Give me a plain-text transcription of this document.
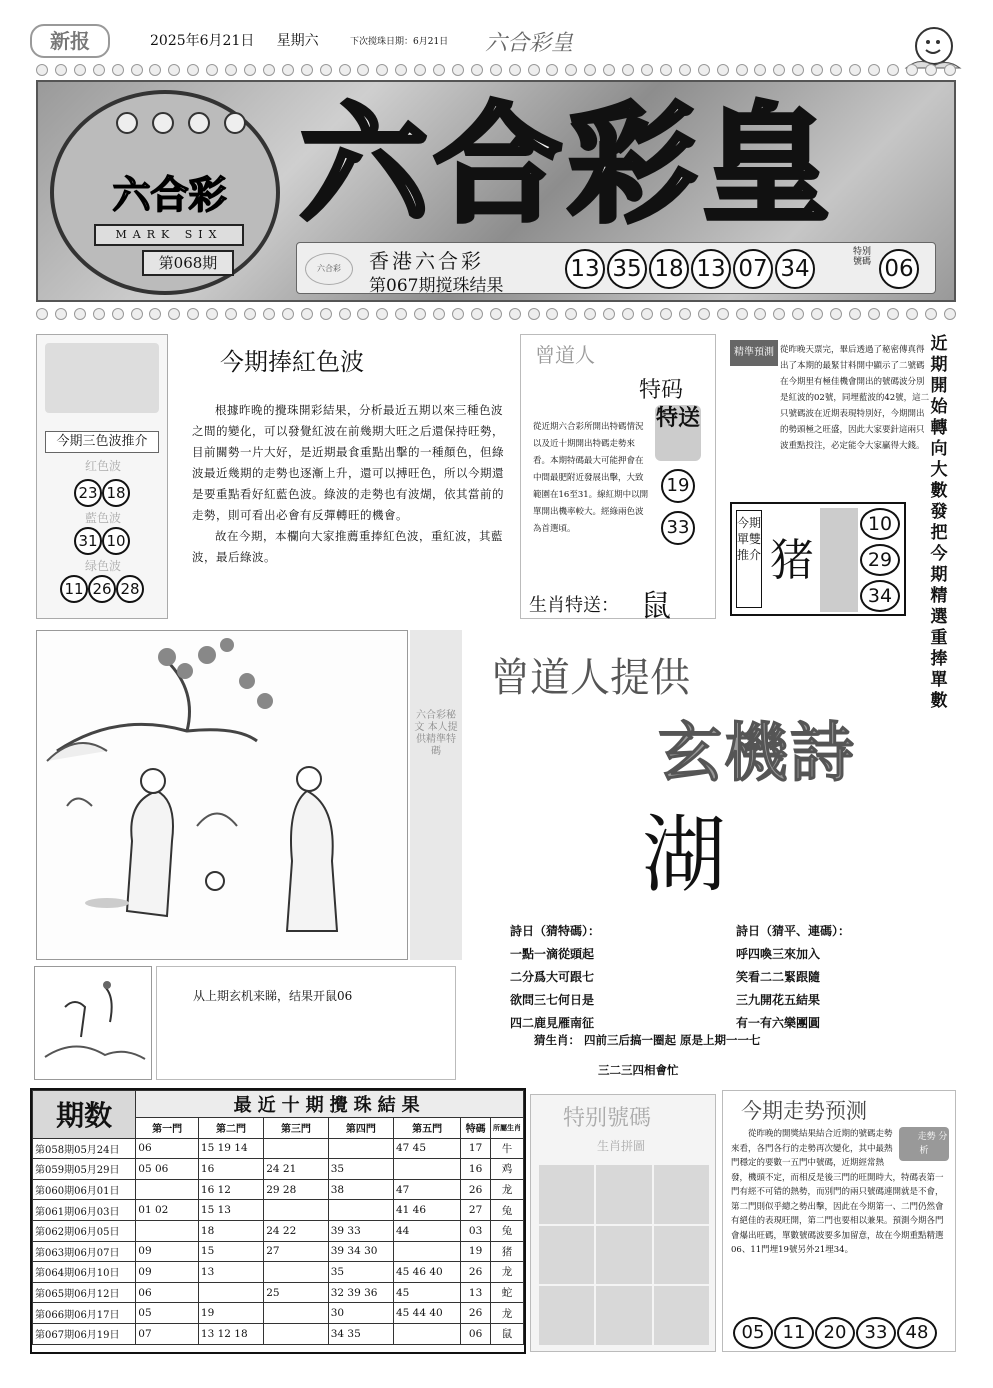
新报	2025年6月21日 星期六	下次搅珠日期：6月21日 六合彩皇
六合彩
MARK SIX
第068期
六合彩皇
六合彩	香港六合彩
第067期搅珠结果
13 35 18 13 07 34
特别號碼 06
今期三色波推介
红色波
23 18
藍色波
31 10
绿色波
11 26 28
今期捧紅色波

根據昨晚的攪珠開彩結果，分析最近五期以來三種色波之間的變化，可以發覺紅波在前幾期大旺之后還保持旺勢，目前關勢一片大好，是近期最食重點出擊的一種顏色，但綠波最近幾期的走勢也逐漸上升，還可以搏旺色，所以今期還是要重點看好紅藍色波。綠波的走勢也有波煳，依其當前的走勢，則可看出必會有反彈轉旺的機會。

故在今期，本欄向大家推薦重捧紅色波，重紅波，其藍波，最后綠波。

曾道人
特码
特送
從近期六合彩所開出特碼情況以及近十期開出特碼走勢來看。本期特碼最大可能押會在中間最肥附近發展出擊，大致範圍在16至31。線紅期中以開單開出機率較大。經綠兩色波為首選頃。
19
33
生肖特送： 鼠
精準預測 從昨晚天票完，畢后透過了秘密傳真得出了本期的最緊甘料開中顯示了二號碼在今期里有極佳機會開出的號碼波分別是紅波的02號，同埋藍波的42號，這二只號碼波在近期表現特別好，今期開出的勢頭極之旺盛，因此大家要針這兩只波重點投注，必定能令大家贏得大錢。
近期開始轉向大數發把 今期精選重捧單數
今期單雙推介 猪
10
29
34
六合彩秘文 本人提供精準特碼
曾道人提供
玄機詩
湖
詩日（猜特碼）：
一點一滴從頭起
二分爲大可跟七
欲問三七何日是
四二鹿見雁南征
詩日（猜平、連碼）：
呼四喚三來加入
笑看二二緊跟隨
三九開花五結果
有一有六樂團圓
猜生肖： 四前三后搞一圈起 原是上期一一七
三二三四相會忙
从上期玄机来睇，结果开鼠06
期数	最近十期攪珠結果						
	第一門	第二門	第三門	第四門	第五門	特碼	所屬生肖
第058期05月24日	06	15 19 14			47 45	17	牛
第059期05月29日	05 06	16	24 21	35		16	鸡
第060期06月01日		16 12	29 28	38	47	26	龙
第061期06月03日	01 02	15 13			41 46	27	兔
第062期06月05日		18	24 22	39 33	44	03	兔
第063期06月07日	09	15	27	39 34 30		19	猪
第064期06月10日	09	13		35	45 46 40	26	龙
第065期06月12日	06		25	32 39 36	45	13	蛇
第066期06月17日	05	19		30	45 44 40	26	龙
第067期06月19日	07	13 12 18		34 35		06	鼠
特别號碼
生肖拼圖
今期走势预测
走勢 分析
從昨晚的開獎結果結合近期的號碼走勢來看，各門各行的走勢再次變化，其中最熱門穩定的要數一五門中號碼，近期經常熱發，機頭不定，而相反是後三門的旺開時大，特碼表第一門有經不可错的熱勢，而別門的兩只號碼連開就是不會，第二門則似乎總之勢出擊，因此在今期第一、二門仍然會有絕佳的表現旺開，第二門也要相以兼果。預測今期各門會爆出旺碼，單數號碼波要多加留意，故在今期重點精選06、11門埋19號另外21埋34。
05	11	20	33	48
